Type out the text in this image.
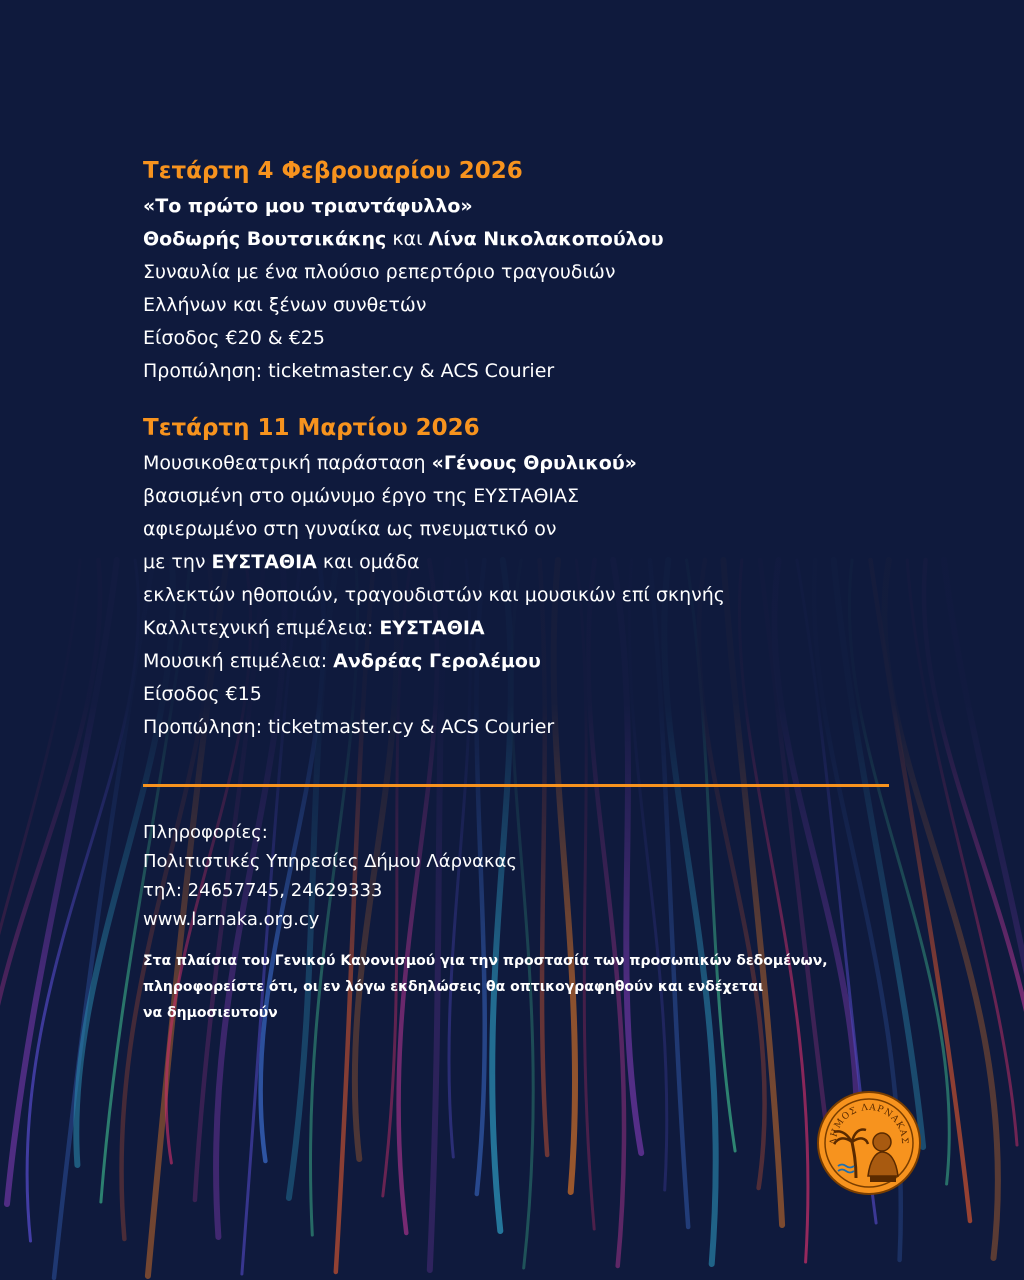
Τετάρτη 4 Φεβρουαρίου 2026
«Το πρώτο μου τριαντάφυλλο»
Θοδωρής Βουτσικάκης και Λίνα Νικολακοπούλου
Συναυλία με ένα πλούσιο ρεπερτόριο τραγουδιών
Ελλήνων και ξένων συνθετών
Είσοδος €20 & €25
Προπώληση: ticketmaster.cy & ACS Courier
Τετάρτη 11 Μαρτίου 2026
Μουσικοθεατρική παράσταση «Γένους Θρυλικού»
βασισμένη στο ομώνυμο έργο της ΕΥΣΤΑΘΙΑΣ
αφιερωμένο στη γυναίκα ως πνευματικό ον
με την ΕΥΣΤΑΘΙΑ και ομάδα
εκλεκτών ηθοποιών, τραγουδιστών και μουσικών επί σκηνής
Καλλιτεχνική επιμέλεια: ΕΥΣΤΑΘΙΑ
Μουσική επιμέλεια: Ανδρέας Γερολέμου
Είσοδος €15
Προπώληση: ticketmaster.cy & ACS Courier
Πληροφορίες:
Πολιτιστικές Υπηρεσίες Δήμου Λάρνακας
τηλ: 24657745, 24629333
www.larnaka.org.cy
Στα πλαίσια του Γενικού Κανονισμού για την προστασία των προσωπικών δεδομένων,
πληροφορείστε ότι, οι εν λόγω εκδηλώσεις θα οπτικογραφηθούν και ενδέχεται
να δημοσιευτούν
ΔΗΜΟΣ ΛΑΡΝΑΚΑΣ
